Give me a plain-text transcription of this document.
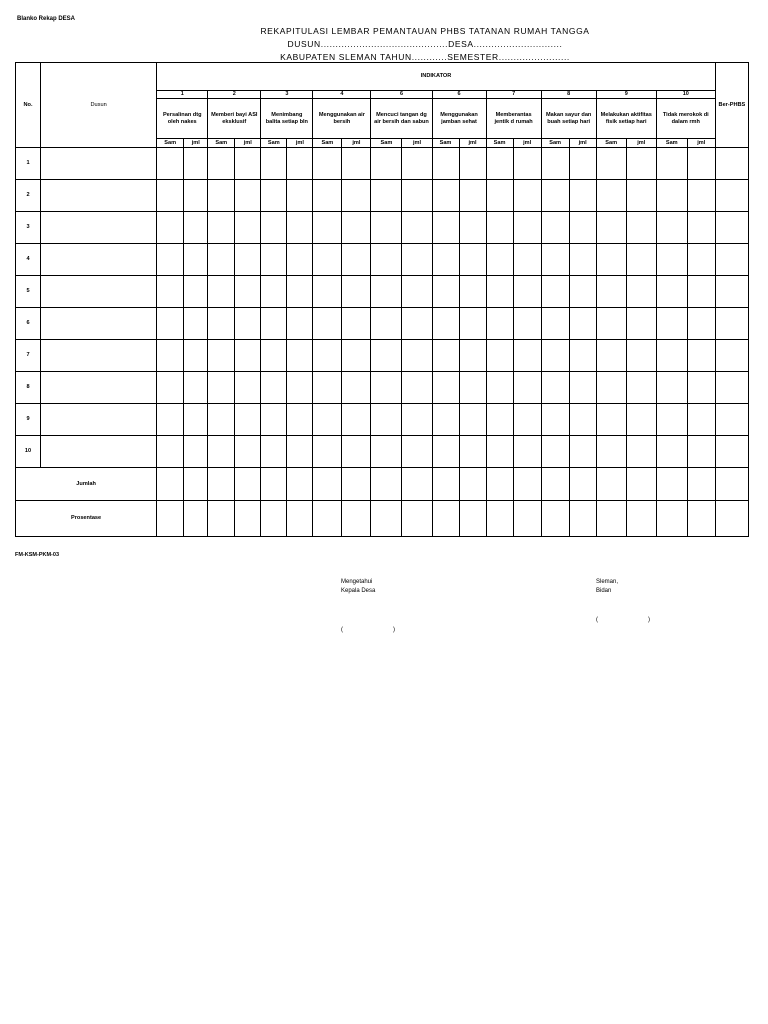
Blanko Rekap DESA
REKAPITULASI LEMBAR PEMANTAUAN PHBS TATANAN RUMAH TANGGA
DUSUN...........................................DESA..............................
KABUPATEN SLEMAN TAHUN............SEMESTER........................
No.	Dusun	INDIKATOR																				Ber-PHBS
		1		2		3		4		6		6		7		8		9		10		
		Persalinan dtg oleh nakes		Memberi bayi ASI eksklusif		Menimbang balita setiap bln		Menggunakan air bersih		Mencuci tangan dg air bersih dan sabun		Menggunakan jamban sehat		Memberantas jentik d rumah		Makan sayur dan buah setiap hari		Melakukan aktifitas fisik setiap hari		Tidak merokok di dalam rmh		
		Sam	jml	Sam	jml	Sam	jml	Sam	jml	Sam	jml	Sam	jml	Sam	jml	Sam	jml	Sam	jml	Sam	jml	
1																						
2																						
3																						
4																						
5																						
6																						
7																						
8																						
9																						
10																						
Jumlah																						
Prosentase																						
FM-KSM-PKM-03
Mengetahui
Kepala Desa
(                              )
Sleman,
Bidan
(                              )
